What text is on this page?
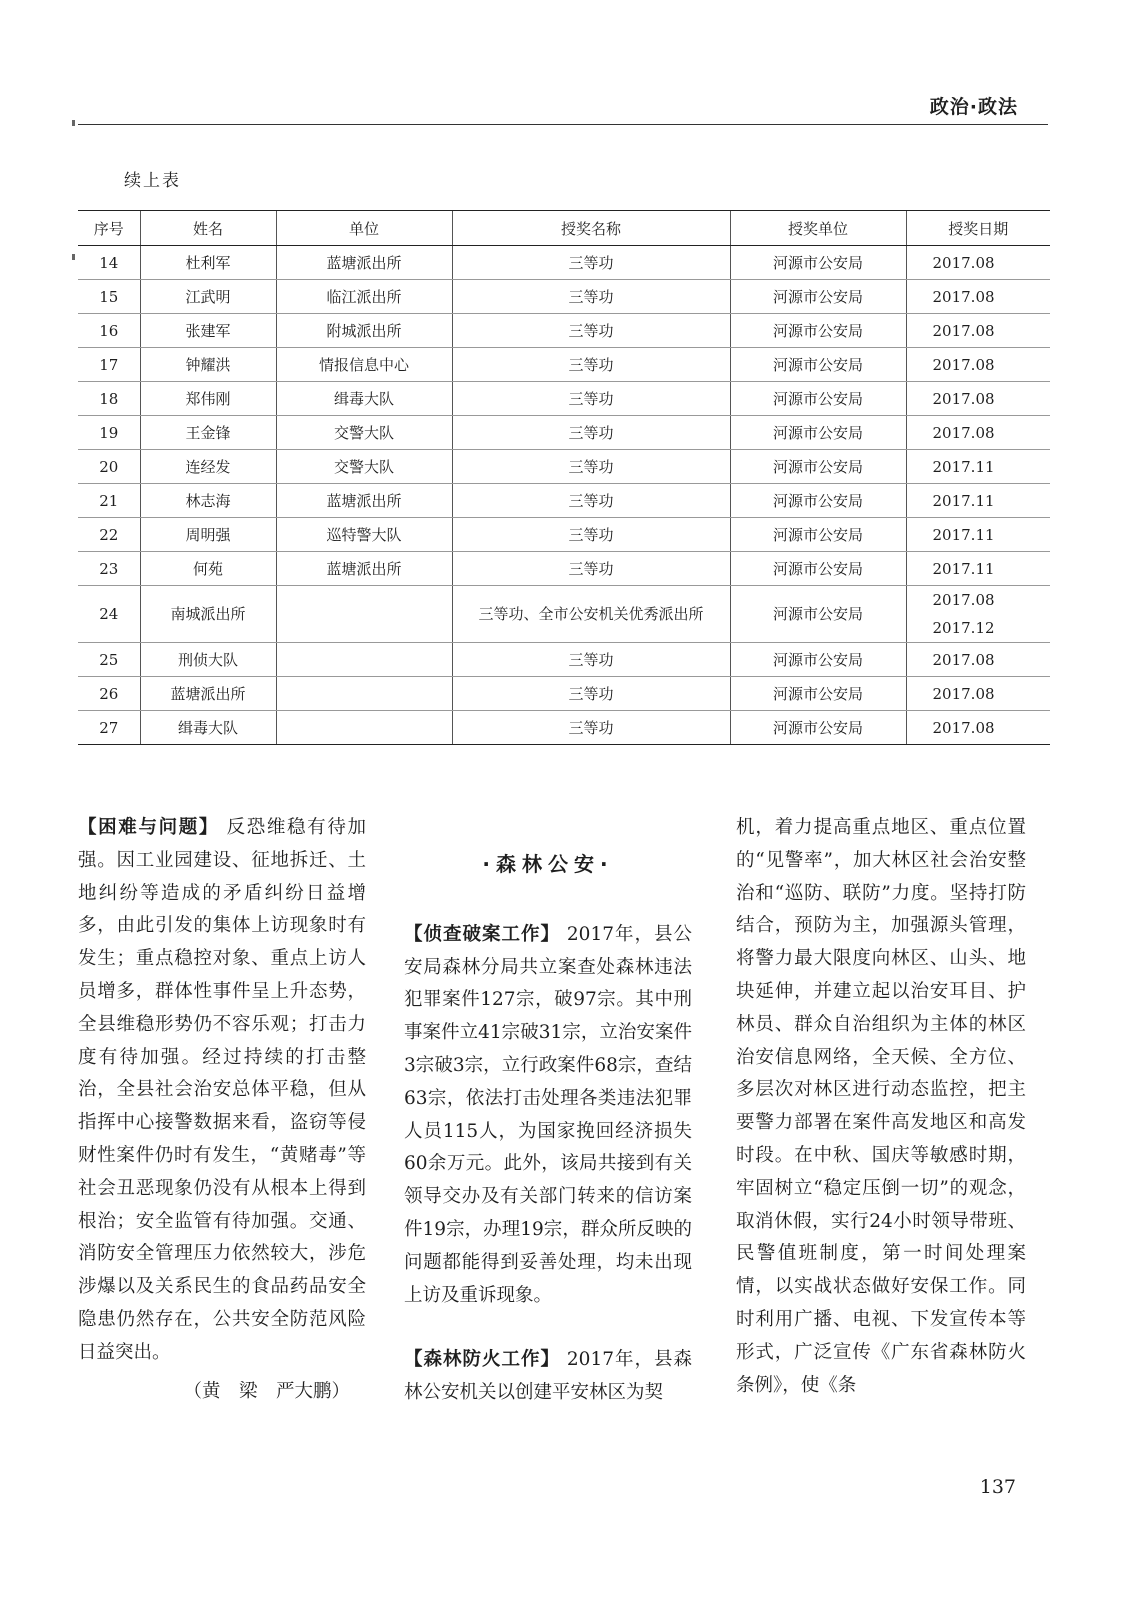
政治·政法
续上表
序号	姓名	单位	授奖名称	授奖单位	授奖日期
14	杜利军	蓝塘派出所	三等功	河源市公安局	2017.08

15	江武明	临江派出所	三等功	河源市公安局	2017.08

16	张建军	附城派出所	三等功	河源市公安局	2017.08

17	钟耀洪	情报信息中心	三等功	河源市公安局	2017.08

18	郑伟刚	缉毒大队	三等功	河源市公安局	2017.08

19	王金锋	交警大队	三等功	河源市公安局	2017.08

20	连经发	交警大队	三等功	河源市公安局	2017.11

21	林志海	蓝塘派出所	三等功	河源市公安局	2017.11

22	周明强	巡特警大队	三等功	河源市公安局	2017.11

23	何苑	蓝塘派出所	三等功	河源市公安局	2017.11

24	南城派出所		三等功、全市公安机关优秀派出所	河源市公安局	2017.08
2017.12

25	刑侦大队		三等功	河源市公安局	2017.08

26	蓝塘派出所		三等功	河源市公安局	2017.08

27	缉毒大队		三等功	河源市公安局	2017.08

【困难与问题】 反恐维稳有待加强。因工业园建设、征地拆迁、土地纠纷等造成的矛盾纠纷日益增多，由此引发的集体上访现象时有发生；重点稳控对象、重点上访人员增多，群体性事件呈上升态势，全县维稳形势仍不容乐观；打击力度有待加强。经过持续的打击整治，全县社会治安总体平稳，但从指挥中心接警数据来看，盗窃等侵财性案件仍时有发生，“黄赌毒”等社会丑恶现象仍没有从根本上得到根治；安全监管有待加强。交通、消防安全管理压力依然较大，涉危涉爆以及关系民生的食品药品安全隐患仍然存在，公共安全防范风险日益突出。

（黄　梁　严大鹏）

·森林公安·

【侦查破案工作】 2017年，县公安局森林分局共立案查处森林违法犯罪案件127宗，破97宗。其中刑事案件立41宗破31宗，立治安案件3宗破3宗，立行政案件68宗，查结63宗，依法打击处理各类违法犯罪人员115人，为国家挽回经济损失60余万元。此外，该局共接到有关领导交办及有关部门转来的信访案件19宗，办理19宗，群众所反映的问题都能得到妥善处理，均未出现上访及重诉现象。

【森林防火工作】 2017年，县森林公安机关以创建平安林区为契

机，着力提高重点地区、重点位置的“见警率”，加大林区社会治安整治和“巡防、联防”力度。坚持打防结合，预防为主，加强源头管理，将警力最大限度向林区、山头、地块延伸，并建立起以治安耳目、护林员、群众自治组织为主体的林区治安信息网络，全天候、全方位、多层次对林区进行动态监控，把主要警力部署在案件高发地区和高发时段。在中秋、国庆等敏感时期，牢固树立“稳定压倒一切”的观念，取消休假，实行24小时领导带班、民警值班制度，第一时间处理案情，以实战状态做好安保工作。同时利用广播、电视、下发宣传本等形式，广泛宣传《广东省森林防火条例》，使《条

137
